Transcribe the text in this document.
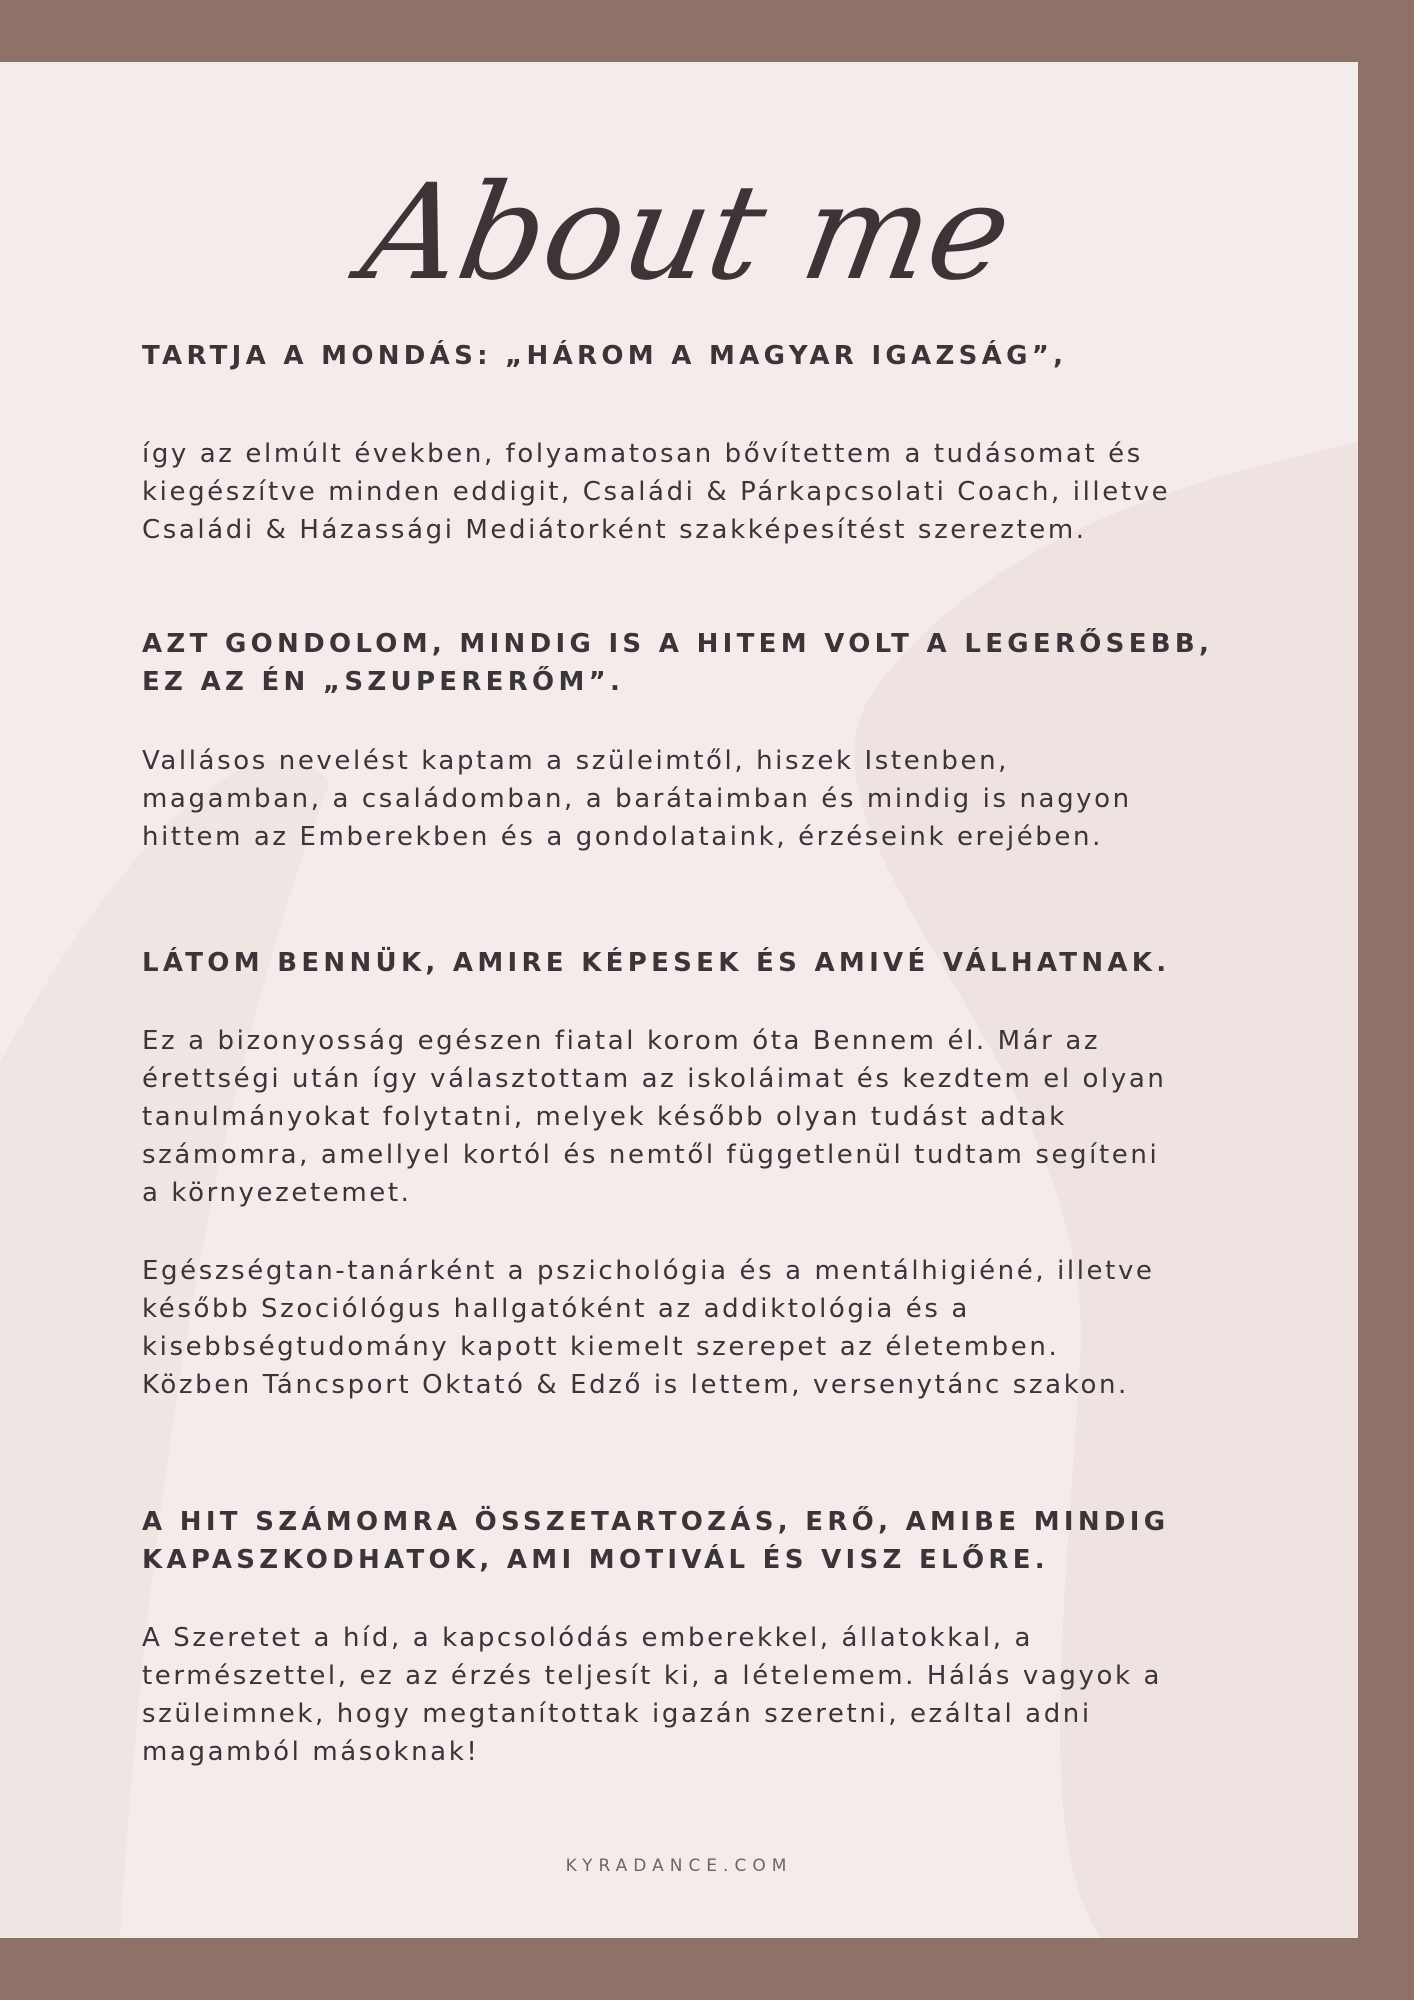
About me
TARTJA A MONDÁS: „HÁROM A MAGYAR IGAZSÁG”,

így az elmúlt években, folyamatosan bővítettem a tudásomat és
kiegészítve minden eddigit, Családi & Párkapcsolati Coach, illetve
Családi & Házassági Mediátorként szakképesítést szereztem.

AZT GONDOLOM, MINDIG IS A HITEM VOLT A LEGERŐSEBB,
EZ AZ ÉN „SZUPERERŐM”.

Vallásos nevelést kaptam a szüleimtől, hiszek Istenben,
magamban, a családomban, a barátaimban és mindig is nagyon
hittem az Emberekben és a gondolataink, érzéseink erejében.

LÁTOM BENNÜK, AMIRE KÉPESEK ÉS AMIVÉ VÁLHATNAK.

Ez a bizonyosság egészen fiatal korom óta Bennem él. Már az
érettségi után így választottam az iskoláimat és kezdtem el olyan
tanulmányokat folytatni, melyek később olyan tudást adtak
számomra, amellyel kortól és nemtől függetlenül tudtam segíteni
a környezetemet.

Egészségtan-tanárként a pszichológia és a mentálhigiéné, illetve
később Szociólógus hallgatóként az addiktológia és a
kisebbségtudomány kapott kiemelt szerepet az életemben.
Közben Táncsport Oktató & Edző is lettem, versenytánc szakon.

A HIT SZÁMOMRA ÖSSZETARTOZÁS, ERŐ, AMIBE MINDIG
KAPASZKODHATOK, AMI MOTIVÁL ÉS VISZ ELŐRE.

A Szeretet a híd, a kapcsolódás emberekkel, állatokkal, a
természettel, ez az érzés teljesít ki, a lételemem. Hálás vagyok a
szüleimnek, hogy megtanítottak igazán szeretni, ezáltal adni
magamból másoknak!

KYRADANCE.COM
